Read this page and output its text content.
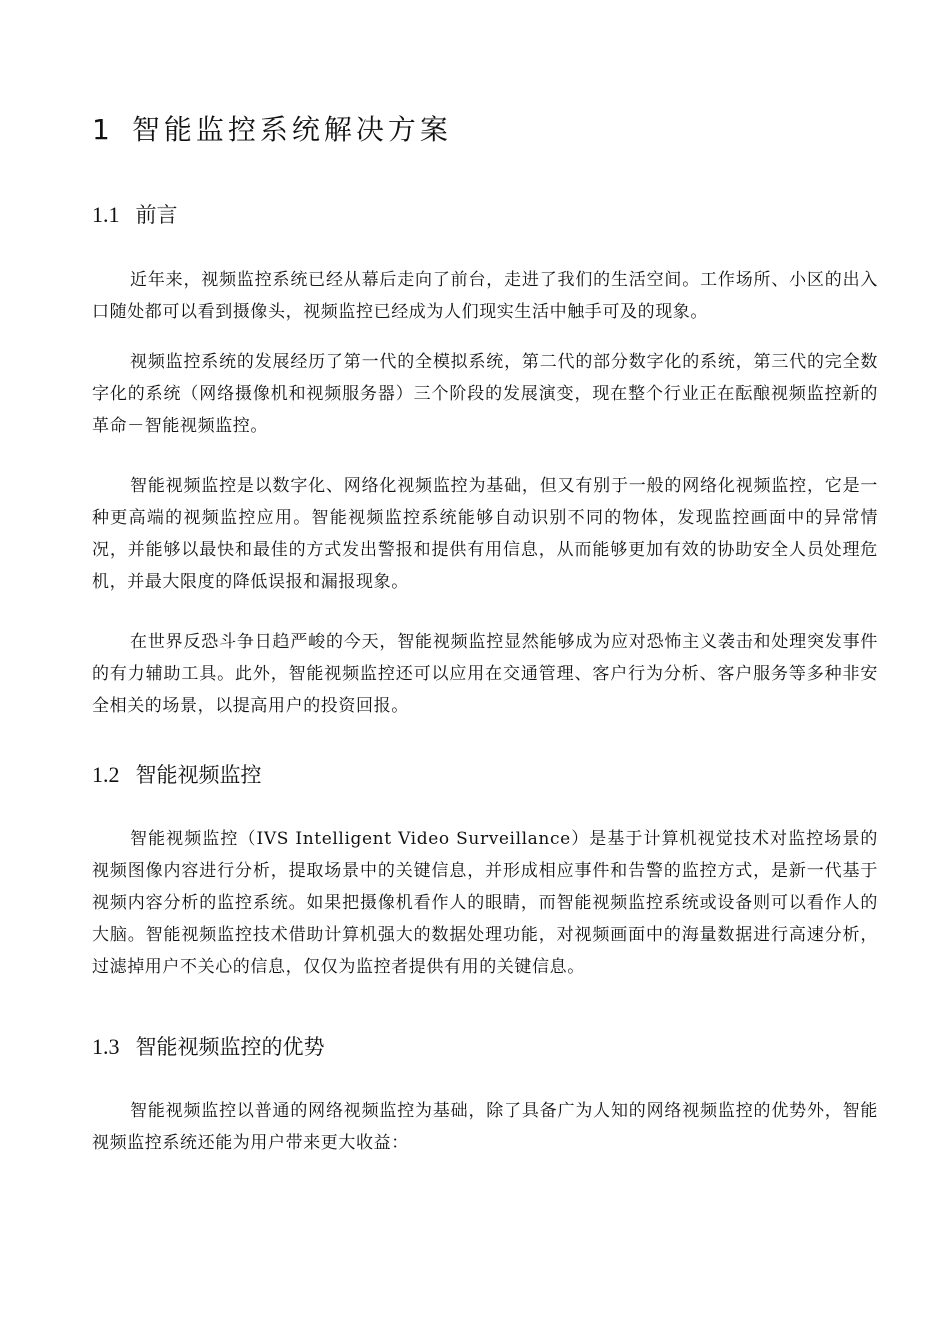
1 智能监控系统解决方案
1.1 前言

近年来，视频监控系统已经从幕后走向了前台，走进了我们的生活空间。工作场所、小区的出入口随处都可以看到摄像头，视频监控已经成为人们现实生活中触手可及的现象。

视频监控系统的发展经历了第一代的全模拟系统，第二代的部分数字化的系统，第三代的完全数字化的系统（网络摄像机和视频服务器）三个阶段的发展演变，现在整个行业正在酝酿视频监控新的革命－智能视频监控。

智能视频监控是以数字化、网络化视频监控为基础，但又有别于一般的网络化视频监控，它是一种更高端的视频监控应用。智能视频监控系统能够自动识别不同的物体，发现监控画面中的异常情况，并能够以最快和最佳的方式发出警报和提供有用信息，从而能够更加有效的协助安全人员处理危机，并最大限度的降低误报和漏报现象。

在世界反恐斗争日趋严峻的今天，智能视频监控显然能够成为应对恐怖主义袭击和处理突发事件的有力辅助工具。此外，智能视频监控还可以应用在交通管理、客户行为分析、客户服务等多种非安全相关的场景，以提高用户的投资回报。

1.2 智能视频监控

智能视频监控（IVS Intelligent Video Surveillance）是基于计算机视觉技术对监控场景的视频图像内容进行分析，提取场景中的关键信息，并形成相应事件和告警的监控方式，是新一代基于视频内容分析的监控系统。如果把摄像机看作人的眼睛，而智能视频监控系统或设备则可以看作人的大脑。智能视频监控技术借助计算机强大的数据处理功能，对视频画面中的海量数据进行高速分析，过滤掉用户不关心的信息，仅仅为监控者提供有用的关键信息。

1.3 智能视频监控的优势

智能视频监控以普通的网络视频监控为基础，除了具备广为人知的网络视频监控的优势外，智能视频监控系统还能为用户带来更大收益：
